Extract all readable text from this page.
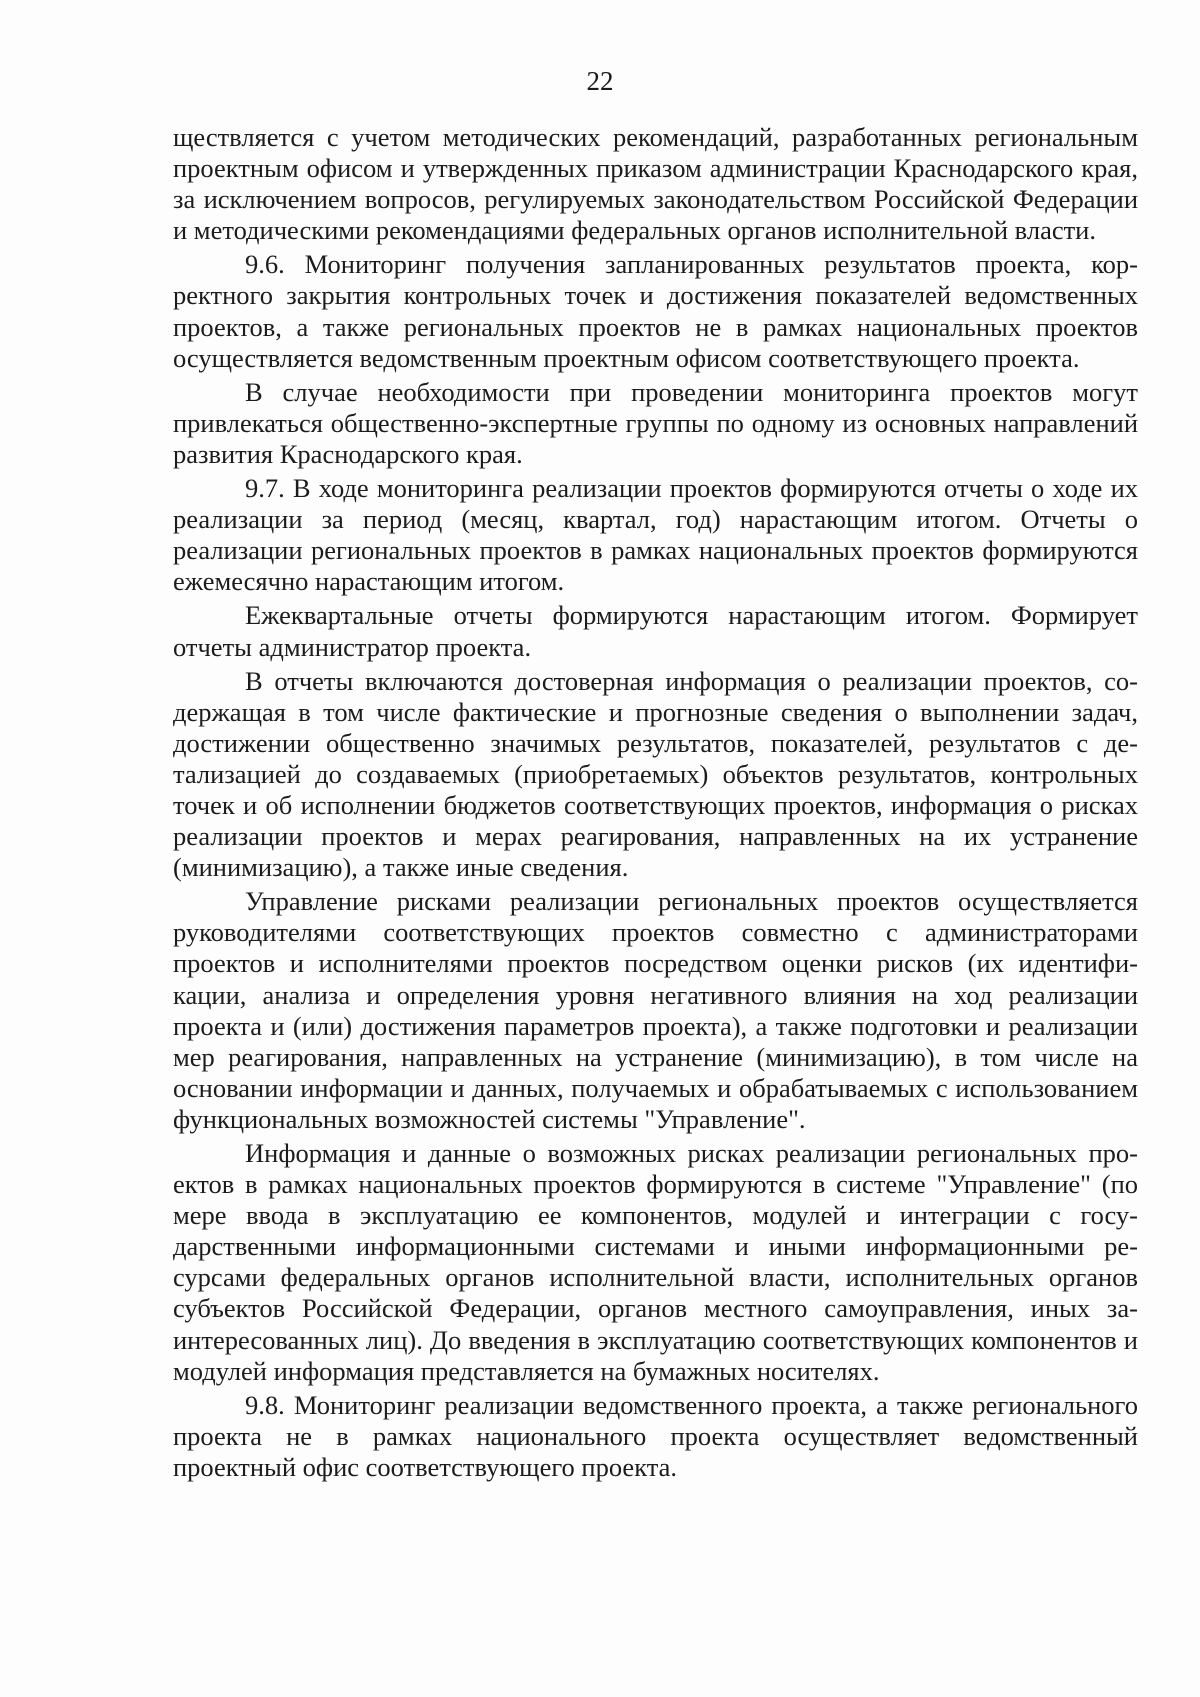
22

ществляется с учетом методических рекомендаций, разработанных региональным проектным офисом и утвержденных приказом администрации Краснодарского края, за исключением вопросов, регулируемых законодательством Российской Федерации и методическими рекомендациями федеральных органов исполнительной власти.

9.6. Мониторинг получения запланированных результатов проекта, корректного закрытия контрольных точек и достижения показателей ведомственных проектов, а также региональных проектов не в рамках национальных проектов осуществляется ведомственным проектным офисом соответствующего проекта.

В случае необходимости при проведении мониторинга проектов могут привлекаться общественно-экспертные группы по одному из основных направлений развития Краснодарского края.

9.7. В ходе мониторинга реализации проектов формируются отчеты о ходе их реализации за период (месяц, квартал, год) нарастающим итогом. Отчеты о реализации региональных проектов в рамках национальных проектов формируются ежемесячно нарастающим итогом.

Ежеквартальные отчеты формируются нарастающим итогом. Формирует отчеты администратор проекта.

В отчеты включаются достоверная информация о реализации проектов, содержащая в том числе фактические и прогнозные сведения о выполнении задач, достижении общественно значимых результатов, показателей, результатов с детализацией до создаваемых (приобретаемых) объектов результатов, контрольных точек и об исполнении бюджетов соответствующих проектов, информация о рисках реализации проектов и мерах реагирования, направленных на их устранение (минимизацию), а также иные сведения.

Управление рисками реализации региональных проектов осуществляется руководителями соответствующих проектов совместно с администраторами проектов и исполнителями проектов посредством оценки рисков (их идентификации, анализа и определения уровня негативного влияния на ход реализации проекта и (или) достижения параметров проекта), а также подготовки и реализации мер реагирования, направленных на устранение (минимизацию), в том числе на основании информации и данных, получаемых и обрабатываемых с использованием функциональных возможностей системы "Управление".

Информация и данные о возможных рисках реализации региональных проектов в рамках национальных проектов формируются в системе "Управление" (по мере ввода в эксплуатацию ее компонентов, модулей и интеграции с государственными информационными системами и иными информационными ресурсами федеральных органов исполнительной власти, исполнительных органов субъектов Российской Федерации, органов местного самоуправления, иных заинтересованных лиц). До введения в эксплуатацию соответствующих компонентов и модулей информация представляется на бумажных носителях.

9.8. Мониторинг реализации ведомственного проекта, а также регионального проекта не в рамках национального проекта осуществляет ведомственный проектный офис соответствующего проекта.
